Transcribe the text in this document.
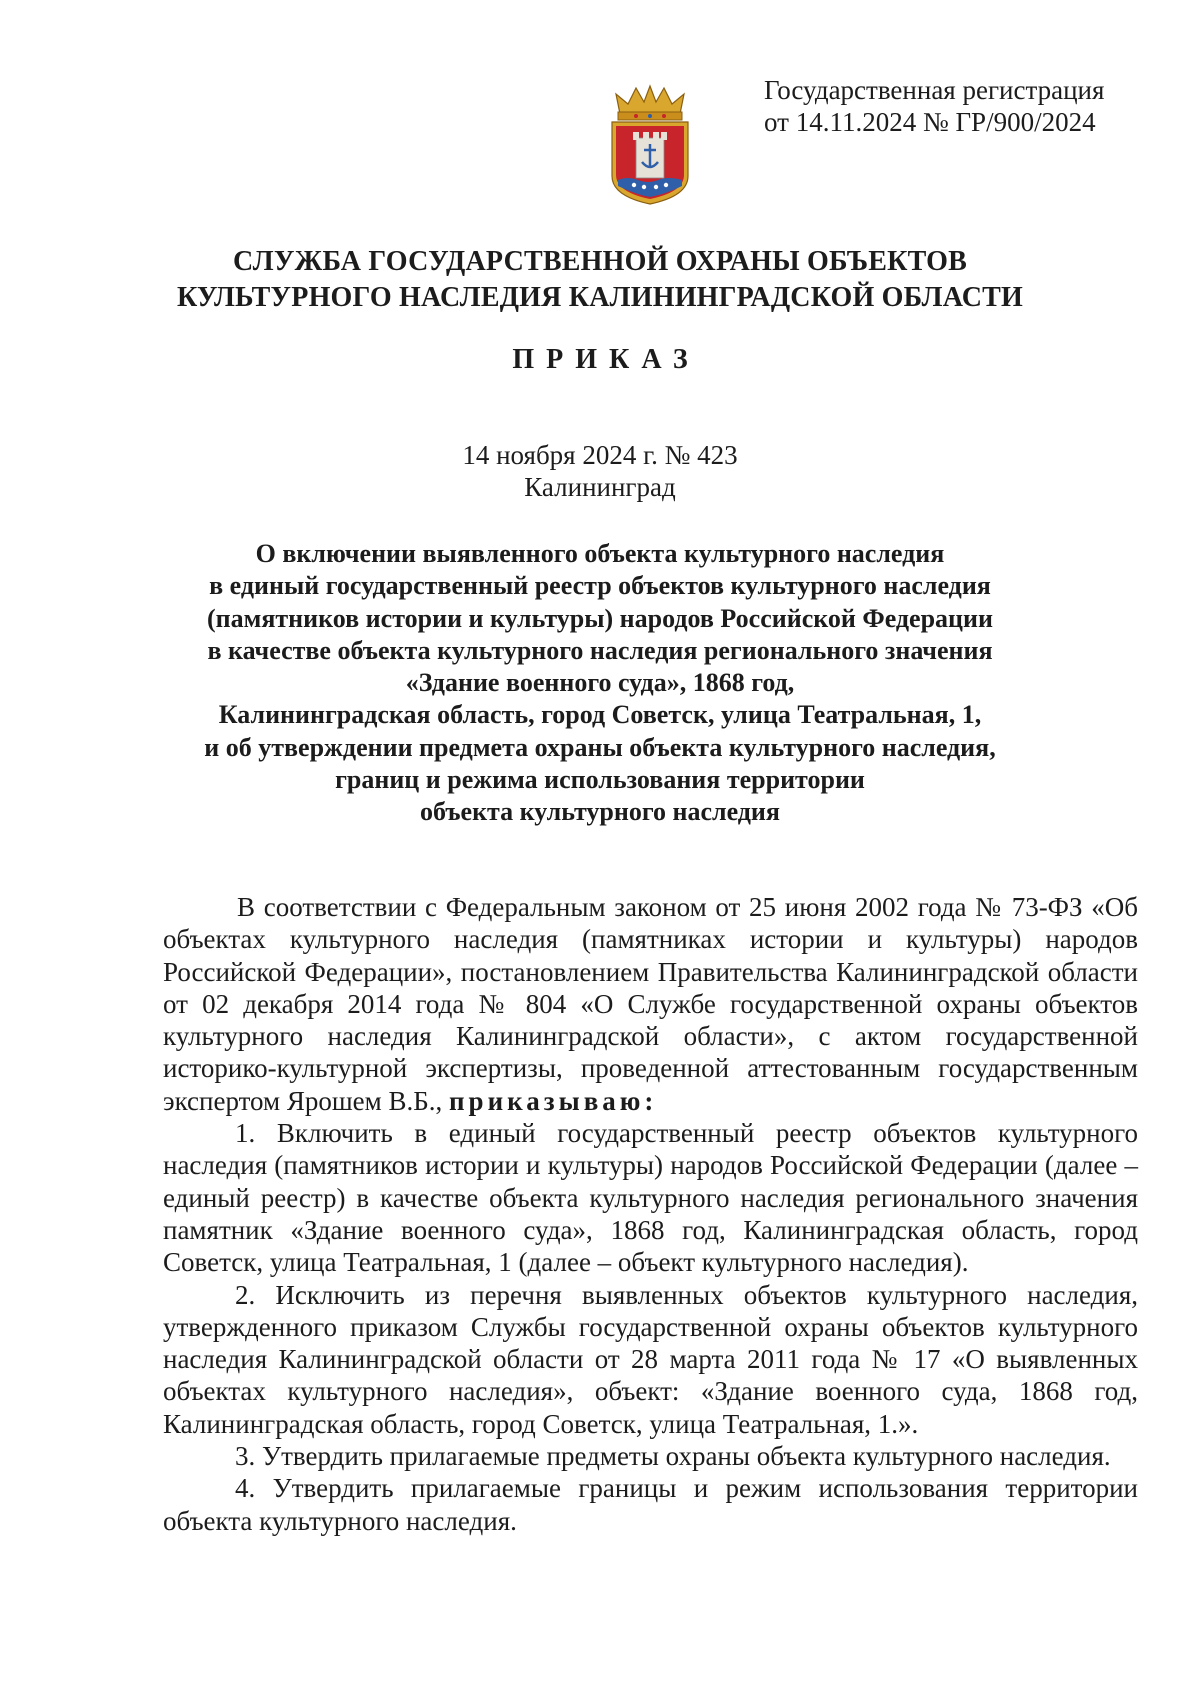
Государственная регистрация
от 14.11.2024 № ГР/900/2024
СЛУЖБА ГОСУДАРСТВЕННОЙ ОХРАНЫ ОБЪЕКТОВ
КУЛЬТУРНОГО НАСЛЕДИЯ КАЛИНИНГРАДСКОЙ ОБЛАСТИ
ПРИКАЗ
14 ноября 2024 г. № 423
Калининград
О включении выявленного объекта культурного наследия
в единый государственный реестр объектов культурного наследия
(памятников истории и культуры) народов Российской Федерации
в качестве объекта культурного наследия регионального значения
«Здание военного суда», 1868 год,
Калининградская область, город Советск, улица Театральная, 1,
и об утверждении предмета охраны объекта культурного наследия,
границ и режима использования территории
объекта культурного наследия

В соответствии с Федеральным законом от 25 июня 2002 года № 73-ФЗ «Об объектах культурного наследия (памятниках истории и культуры) народов Российской Федерации», постановлением Правительства Калининградской области от 02 декабря 2014 года № 804 «О Службе государственной охраны объектов культурного наследия Калининградской области», с актом государственной историко-культурной экспертизы, проведенной аттестованным государственным экспертом Ярошем В.Б., приказываю:

1. Включить в единый государственный реестр объектов культурного наследия (памятников истории и культуры) народов Российской Федерации (далее – единый реестр) в качестве объекта культурного наследия регионального значения памятник «Здание военного суда», 1868 год, Калининградская область, город Советск, улица Театральная, 1 (далее – объект культурного наследия).

2. Исключить из перечня выявленных объектов культурного наследия, утвержденного приказом Службы государственной охраны объектов культурного наследия Калининградской области от 28 марта 2011 года № 17 «О выявленных объектах культурного наследия», объект: «Здание военного суда, 1868 год, Калининградская область, город Советск, улица Театральная, 1.».

3. Утвердить прилагаемые предметы охраны объекта культурного наследия.

4. Утвердить прилагаемые границы и режим использования территории объекта культурного наследия.
